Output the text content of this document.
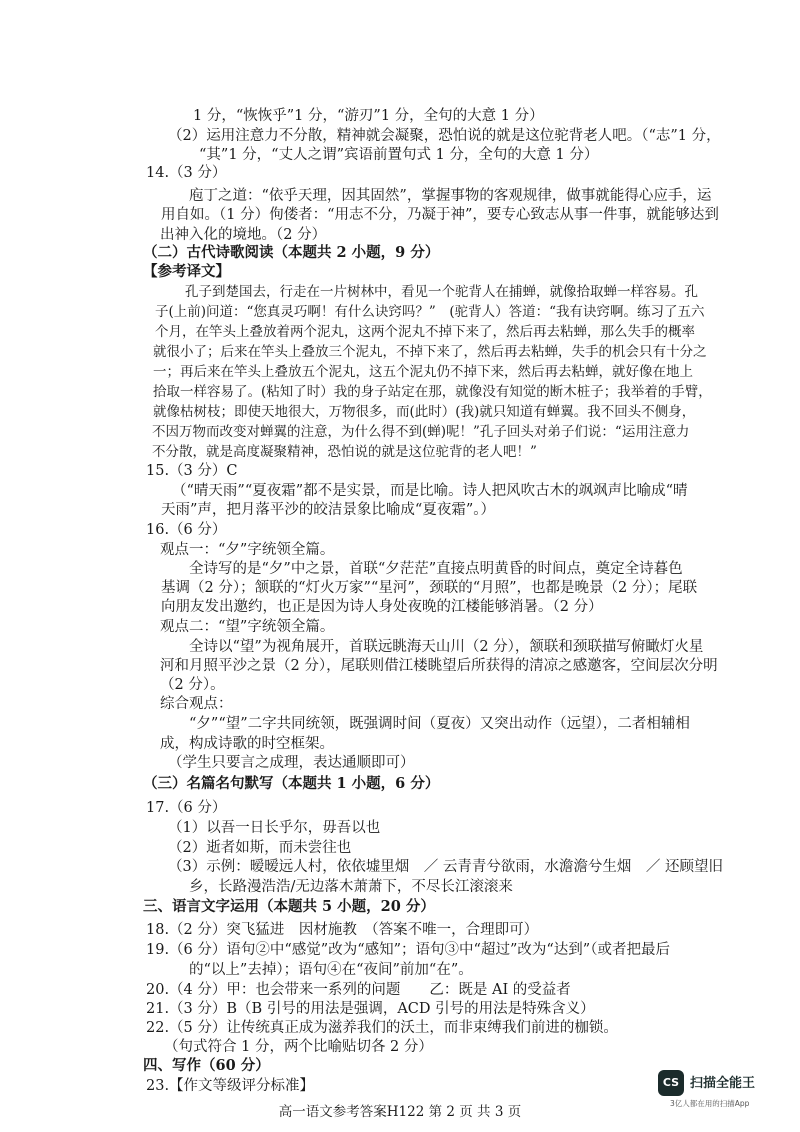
1 分，“恢恢乎”1 分，“游刃”1 分，全句的大意 1 分）
（2）运用注意力不分散，精神就会凝聚，恐怕说的就是这位驼背老人吧。（“志”1 分，
“其”1 分，“丈人之谓”宾语前置句式 1 分，全句的大意 1 分）
14.（3 分）
庖丁之道：“依乎天理，因其固然”，掌握事物的客观规律，做事就能得心应手，运
用自如。（1 分）佝偻者：“用志不分，乃凝于神”，要专心致志从事一件事，就能够达到
出神入化的境地。（2 分）
（二）古代诗歌阅读（本题共 2 小题，9 分）
【参考译文】
孔子到楚国去，行走在一片树林中，看见一个驼背人在捕蝉，就像拾取蝉一样容易。孔
子(上前)问道：“您真灵巧啊！有什么诀窍吗？”　(驼背人）答道：“我有诀窍啊。练习了五六
个月，在竿头上叠放着两个泥丸，这两个泥丸不掉下来了，然后再去粘蝉，那么失手的概率
就很小了；后来在竿头上叠放三个泥丸，不掉下来了，然后再去粘蝉，失手的机会只有十分之
一；再后来在竿头上叠放五个泥丸，这五个泥丸仍不掉下来，然后再去粘蝉，就好像在地上
拾取一样容易了。(粘知了时）我的身子站定在那，就像没有知觉的断木桩子；我举着的手臂，
就像枯树枝；即使天地很大，万物很多，而(此时）(我)就只知道有蝉翼。我不回头不侧身，
不因万物而改变对蝉翼的注意，为什么得不到(蝉)呢！”孔子回头对弟子们说：“运用注意力
不分散，就是高度凝聚精神，恐怕说的就是这位驼背的老人吧！”
15.（3 分）C
（“晴天雨”“夏夜霜”都不是实景，而是比喻。诗人把风吹古木的飒飒声比喻成“晴
天雨”声，把月落平沙的皎洁景象比喻成“夏夜霜”。）
16.（6 分）
观点一：“夕”字统领全篇。
全诗写的是“夕”中之景，首联“夕茫茫”直接点明黄昏的时间点，奠定全诗暮色
基调（2 分）；颔联的“灯火万家”“星河”，颈联的“月照”，也都是晚景（2 分）；尾联
向朋友发出邀约，也正是因为诗人身处夜晚的江楼能够消暑。（2 分）
观点二：“望”字统领全篇。
全诗以“望”为视角展开，首联远眺海天山川（2 分），颔联和颈联描写俯瞰灯火星
河和月照平沙之景（2 分），尾联则借江楼眺望后所获得的清凉之感邀客，空间层次分明
（2 分）。
综合观点：
“夕”“望”二字共同统领，既强调时间（夏夜）又突出动作（远望），二者相辅相
成，构成诗歌的时空框架。
（学生只要言之成理，表达通顺即可）
（三）名篇名句默写（本题共 1 小题，6 分）
17.（6 分）
（1）以吾一日长乎尔，毋吾以也
（2）逝者如斯，而未尝往也
（3）示例：暧暧远人村，依依墟里烟　／ 云青青兮欲雨，水澹澹兮生烟　／ 还顾望旧
乡，长路漫浩浩/无边落木萧萧下，不尽长江滚滚来
三、语言文字运用（本题共 5 小题，20 分）
18.（2 分）突飞猛进　因材施教　（答案不唯一，合理即可）
19.（6 分）语句②中“感觉”改为“感知”；语句③中“超过”改为“达到”（或者把最后
的“以上”去掉）；语句④在“夜间”前加“在”。
20.（4 分）甲：也会带来一系列的问题　　乙：既是 AI 的受益者
21.（3 分）B（B 引号的用法是强调，ACD 引号的用法是特殊含义）
22.（5 分）让传统真正成为滋养我们的沃土，而非束缚我们前进的枷锁。
（句式符合 1 分，两个比喻贴切各 2 分）
四、写作（60 分）
23.【作文等级评分标准】
高一语文参考答案H122 第 2 页 共 3 页
CS 扫描全能王
3亿人都在用的扫描App
